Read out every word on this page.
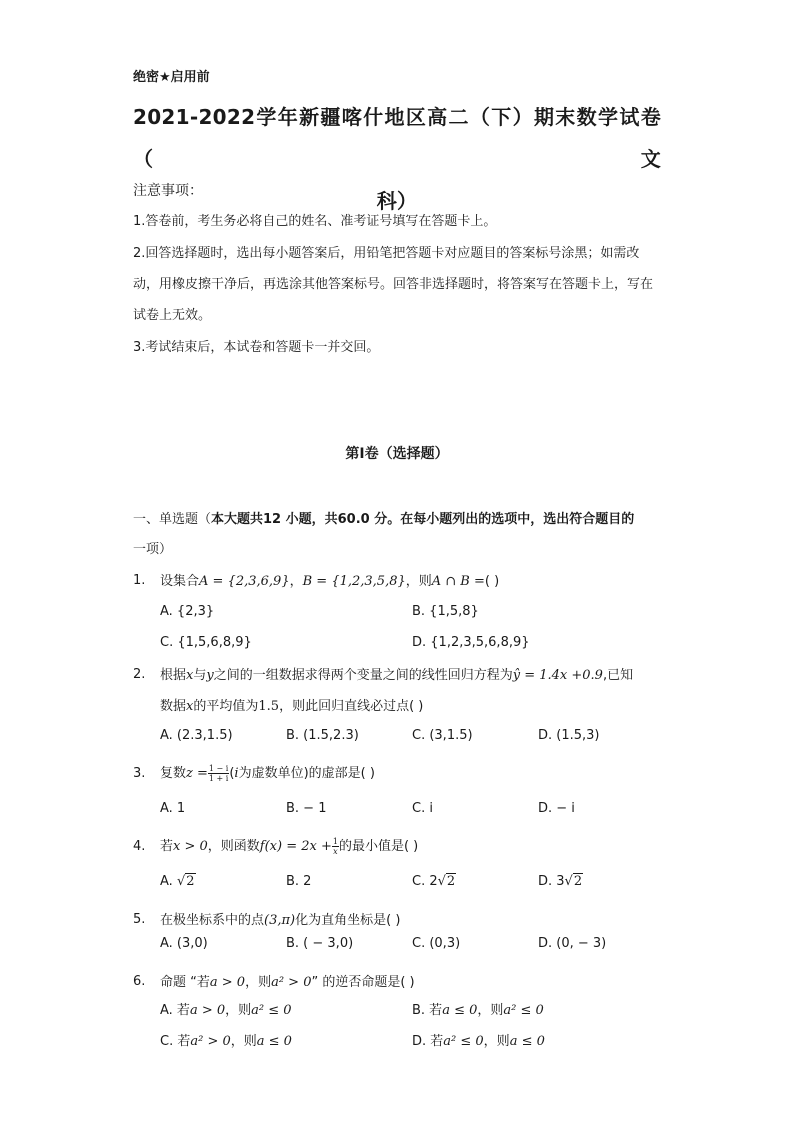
绝密★启用前
2021-2022学年新疆喀什地区高二（下）期末数学试卷（文
科）
注意事项：
1.答卷前，考生务必将自己的姓名、准考证号填写在答题卡上。
2.回答选择题时，选出每小题答案后，用铅笔把答题卡对应题目的答案标号涂黑；如需改动，用橡皮擦干净后，再选涂其他答案标号。回答非选择题时，将答案写在答题卡上，写在试卷上无效。
3.考试结束后，本试卷和答题卡一并交回。
第I卷（选择题）
一、单选题（本大题共12 小题，共60.0 分。在每小题列出的选项中，选出符合题目的
一项）
1.	设集合A = {2,3,6,9}，B = {1,2,3,5,8}，则A ∩ B =( )
A. {2,3}	B. {1,5,8}
C. {1,5,6,8,9}	D. {1,2,3,5,6,8,9}
2.	根据x与y之间的一组数据求得两个变量之间的线性回归方程为ŷ = 1.4x +0.9,已知
数据x的平均值为1.5，则此回归直线必过点( )
A. (2.3,1.5)	B. (1.5,2.3)	C. (3,1.5)	D. (1.5,3)
3.	复数$z = \frac{1 - i}{1 + i} (i$为虚数单位)的虚部是( )
A. 1	B. − 1	C. i	D. − i
4.	若x > 0，则函数$f(x) = 2x + \frac{1}{x}$ 的最小值是( )
A. √2	B. 2	C. 2√2	D. 3√2
5.	在极坐标系中的点(3,π)化为直角坐标是( )
A. (3,0)	B. ( − 3,0)	C. (0,3)	D. (0, − 3)
6.	命题 “若a > 0，则a² > 0” 的逆否命题是( )
A. 若a > 0，则a² ≤ 0	B. 若a ≤ 0，则a² ≤ 0
C. 若a² > 0，则a ≤ 0	D. 若a² ≤ 0，则a ≤ 0
